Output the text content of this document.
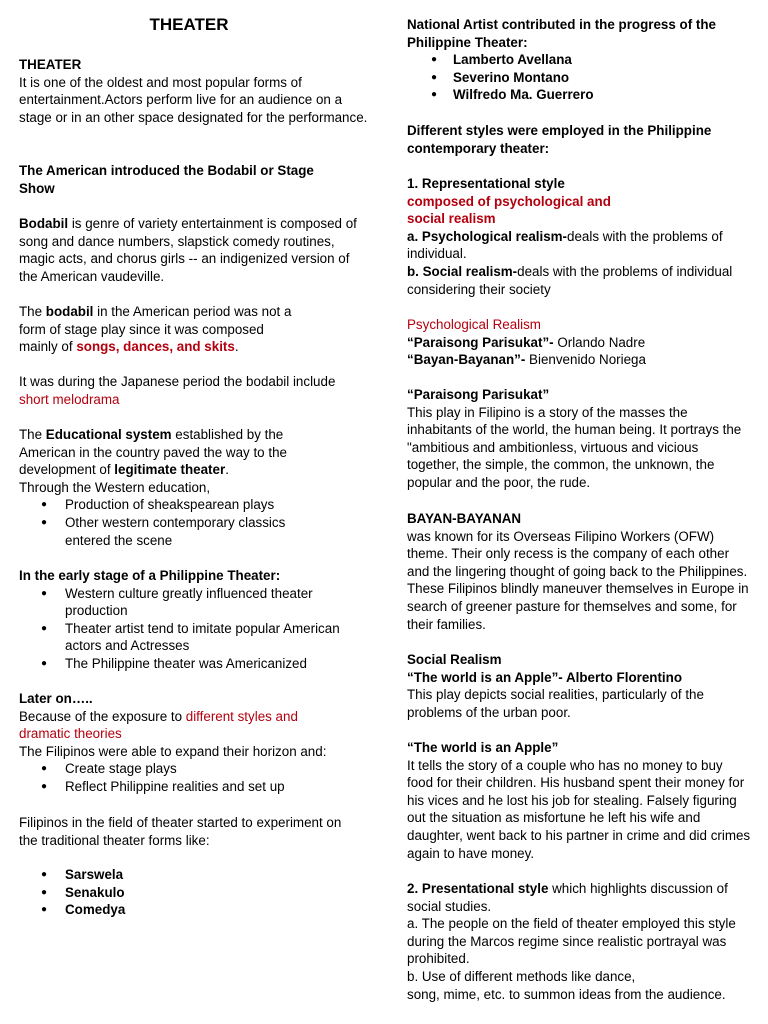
THEATER

THEATER

It is one of the oldest and most popular forms of entertainment.Actors perform live for an audience on a stage or in an other space designated for the performance.

The American introduced the Bodabil or Stage Show

Bodabil is genre of variety entertainment is composed of song and dance numbers, slapstick comedy routines, magic acts, and chorus girls -- an indigenized version of the American vaudeville.

The bodabil in the American period was not a
form of stage play since it was composed
mainly of songs, dances, and skits.

It was during the Japanese period the bodabil include

short melodrama

The Educational system established by the American in the country paved the way to the development of legitimate theater.

Through the Western education,

● Production of sheakspearean plays
● Other western contemporary classics entered the scene

In the early stage of a Philippine Theater:

● Western culture greatly influenced theater production
● Theater artist tend to imitate popular American actors and Actresses
● The Philippine theater was Americanized

Later on…..

Because of the exposure to different styles and dramatic theories

The Filipinos were able to expand their horizon and:

● Create stage plays
● Reflect Philippine realities and set up

Filipinos in the field of theater started to experiment on the traditional theater forms like:

● Sarswela
● Senakulo
● Comedya

National Artist contributed in the progress of the Philippine Theater:

● Lamberto Avellana
● Severino Montano
● Wilfredo Ma. Guerrero

Different styles were employed in the Philippine contemporary theater:

1. Representational stylecomposed of psychological and
social realism

a. Psychological realism-deals with the problems of individual.

b. Social realism-deals with the problems of individual considering their society

Psychological Realism

“Paraisong Parisukat”- Orlando Nadre

“Bayan-Bayanan”- Bienvenido Noriega

“Paraisong Parisukat”

This play in Filipino is a story of the masses the inhabitants of the world, the human being. It portrays the "ambitious and ambitionless, virtuous and vicious together, the simple, the common, the unknown, the popular and the poor, the rude.

BAYAN-BAYANAN

was known for its Overseas Filipino Workers (OFW) theme. Their only recess is the company of each other and the lingering thought of going back to the Philippines. These Filipinos blindly maneuver themselves in Europe in search of greener pasture for themselves and some, for their families.

Social Realism

“The world is an Apple”- Alberto Florentino

This play depicts social realities, particularly of the problems of the urban poor.

“The world is an Apple”

It tells the story of a couple who has no money to buy food for their children. His husband spent their money for his vices and he lost his job for stealing. Falsely figuring out the situation as misfortune he left his wife and daughter, went back to his partner in crime and did crimes again to have money.

2. Presentational style which highlights discussion of social studies.

a. The people on the field of theater employed this style during the Marcos regime since realistic portrayal was prohibited.

b. Use of different methods like dance,

song, mime, etc. to summon ideas from the audience.
